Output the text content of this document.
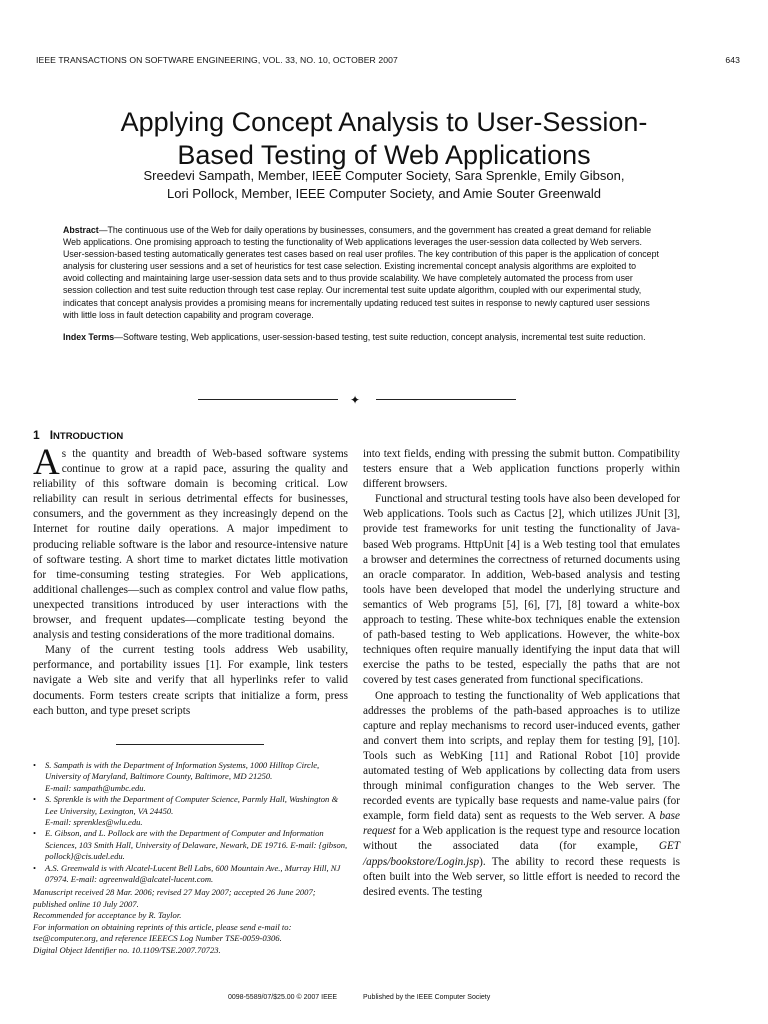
IEEE TRANSACTIONS ON SOFTWARE ENGINEERING, VOL. 33, NO. 10, OCTOBER 2007	643
Applying Concept Analysis to User-Session-
Based Testing of Web Applications
Sreedevi Sampath, Member, IEEE Computer Society, Sara Sprenkle, Emily Gibson,
Lori Pollock, Member, IEEE Computer Society, and Amie Souter Greenwald

Abstract—The continuous use of the Web for daily operations by businesses, consumers, and the government has created a great demand for reliable Web applications. One promising approach to testing the functionality of Web applications leverages the user-session data collected by Web servers. User-session-based testing automatically generates test cases based on real user profiles. The key contribution of this paper is the application of concept analysis for clustering user sessions and a set of heuristics for test case selection. Existing incremental concept analysis algorithms are exploited to avoid collecting and maintaining large user-session data sets and to thus provide scalability. We have completely automated the process from user session collection and test suite reduction through test case replay. Our incremental test suite update algorithm, coupled with our experimental study, indicates that concept analysis provides a promising means for incrementally updating reduced test suites in response to newly captured user sessions with little loss in fault detection capability and program coverage.

Index Terms—Software testing, Web applications, user-session-based testing, test suite reduction, concept analysis, incremental test suite reduction.

✦
1 INTRODUCTION

As the quantity and breadth of Web-based software systems continue to grow at a rapid pace, assuring the quality and reliability of this software domain is becoming critical. Low reliability can result in serious detrimental effects for businesses, consumers, and the government as they increasingly depend on the Internet for routine daily operations. A major impediment to producing reliable software is the labor and resource-intensive nature of software testing. A short time to market dictates little motivation for time-consuming testing strategies. For Web applications, additional challenges—such as complex control and value flow paths, unexpected transitions introduced by user interactions with the browser, and frequent updates—complicate testing beyond the analysis and testing considerations of the more traditional domains.

Many of the current testing tools address Web usability, performance, and portability issues [1]. For example, link testers navigate a Web site and verify that all hyperlinks refer to valid documents. Form testers create scripts that initialize a form, press each button, and type preset scripts

into text fields, ending with pressing the submit button. Compatibility testers ensure that a Web application functions properly within different browsers.

Functional and structural testing tools have also been developed for Web applications. Tools such as Cactus [2], which utilizes JUnit [3], provide test frameworks for unit testing the functionality of Java-based Web programs. HttpUnit [4] is a Web testing tool that emulates a browser and determines the correctness of returned documents using an oracle comparator. In addition, Web-based analysis and testing tools have been developed that model the underlying structure and semantics of Web programs [5], [6], [7], [8] toward a white-box approach to testing. These white-box techniques enable the extension of path-based testing to Web applications. However, the white-box techniques often require manually identifying the input data that will exercise the paths to be tested, especially the paths that are not covered by test cases generated from functional specifications.

One approach to testing the functionality of Web applications that addresses the problems of the path-based approaches is to utilize capture and replay mechanisms to record user-induced events, gather and convert them into scripts, and replay them for testing [9], [10]. Tools such as WebKing [11] and Rational Robot [10] provide automated testing of Web applications by collecting data from users through minimal configuration changes to the Web server. The recorded events are typically base requests and name-value pairs (for example, form field data) sent as requests to the Web server. A base request for a Web application is the request type and resource location without the associated data (for example, GET /apps/bookstore/Login.jsp). The ability to record these requests is often built into the Web server, so little effort is needed to record the desired events. The testing

• S. Sampath is with the Department of Information Systems, 1000 Hilltop Circle, University of Maryland, Baltimore County, Baltimore, MD 21250.
E-mail: sampath@umbc.edu.

• S. Sprenkle is with the Department of Computer Science, Parmly Hall, Washington & Lee University, Lexington, VA 24450.
E-mail: sprenkles@wlu.edu.

• E. Gibson, and L. Pollock are with the Department of Computer and Information Sciences, 103 Smith Hall, University of Delaware, Newark, DE 19716. E-mail: {gibson, pollock}@cis.udel.edu.

• A.S. Greenwald is with Alcatel-Lucent Bell Labs, 600 Mountain Ave., Murray Hill, NJ 07974. E-mail: agreenwald@alcatel-lucent.com.

Manuscript received 28 Mar. 2006; revised 27 May 2007; accepted 26 June 2007; published online 10 July 2007.
Recommended for acceptance by R. Taylor.
For information on obtaining reprints of this article, please send e-mail to: tse@computer.org, and reference IEEECS Log Number TSE-0059-0306.
Digital Object Identifier no. 10.1109/TSE.2007.70723.
0098-5589/07/$25.00 © 2007 IEEE	Published by the IEEE Computer Society
